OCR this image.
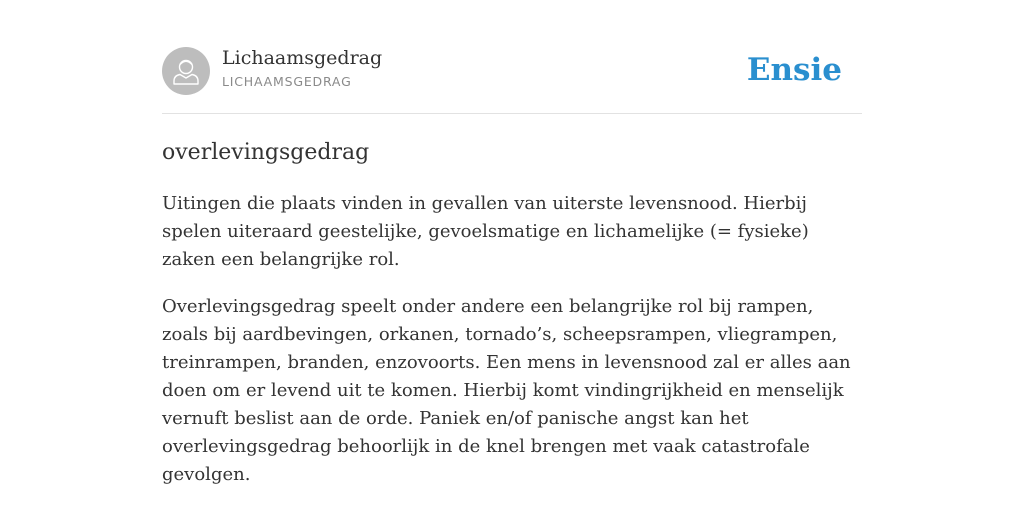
Lichaamsgedrag
LICHAAMSGEDRAG	Ensie
overlevingsgedrag

Uitingen die plaats vinden in gevallen van uiterste levensnood. Hierbij spelen uiteraard geestelijke, gevoelsmatige en lichamelijke (= fysieke) zaken een belangrijke rol.

Overlevingsgedrag speelt onder andere een belangrijke rol bij rampen, zoals bij aardbevingen, orkanen, tornado’s, scheepsrampen, vliegrampen, treinrampen, branden, enzovoorts. Een mens in levensnood zal er alles aan doen om er levend uit te komen. Hierbij komt vindingrijkheid en menselijk vernuft beslist aan de orde. Paniek en/of panische angst kan het overlevingsgedrag behoorlijk in de knel brengen met vaak catastrofale gevolgen.
